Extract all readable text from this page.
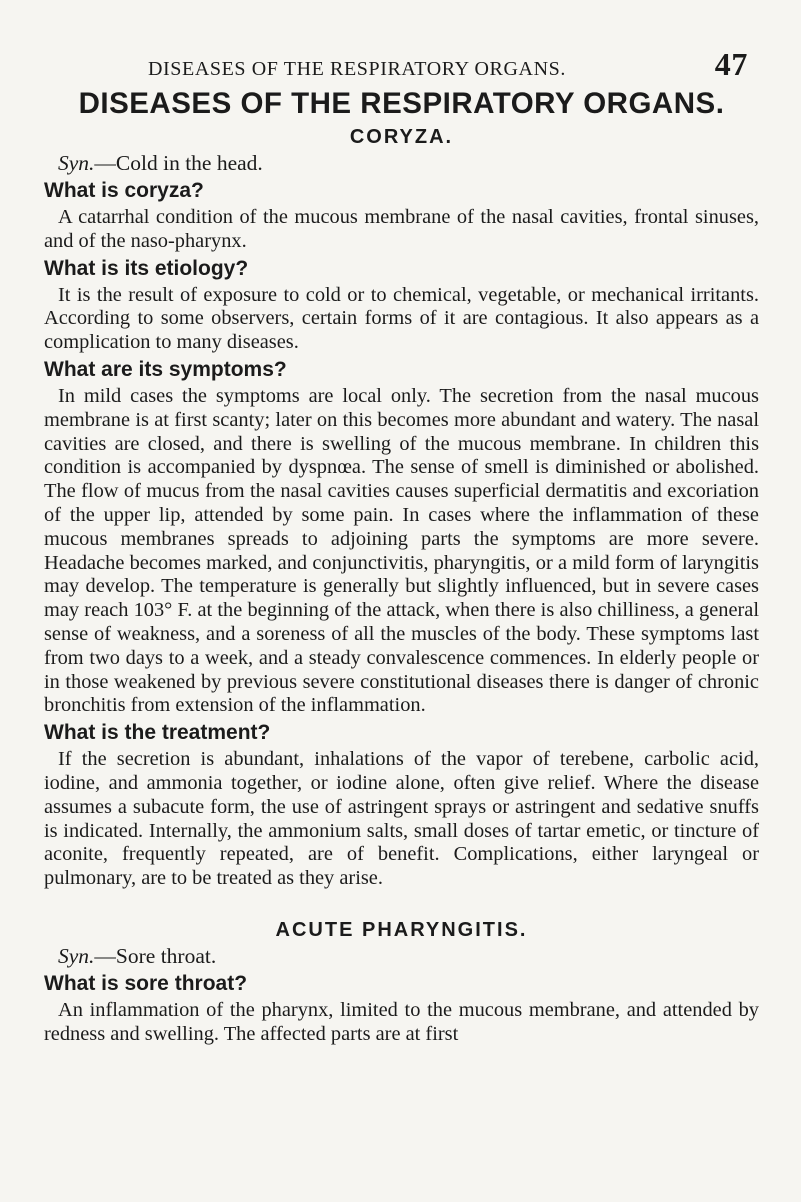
DISEASES OF THE RESPIRATORY ORGANS.	47
DISEASES OF THE RESPIRATORY ORGANS.
CORYZA.

Syn.—Cold in the head.

What is coryza?

A catarrhal condition of the mucous membrane of the nasal cavities, frontal sinuses, and of the naso-pharynx.

What is its etiology?

It is the result of exposure to cold or to chemical, vegetable, or mechanical irritants. According to some observers, certain forms of it are contagious. It also appears as a complication to many diseases.

What are its symptoms?

In mild cases the symptoms are local only. The secretion from the nasal mucous membrane is at first scanty; later on this becomes more abundant and watery. The nasal cavities are closed, and there is swelling of the mucous membrane. In children this condition is accompanied by dyspnœa. The sense of smell is diminished or abolished. The flow of mucus from the nasal cavities causes superficial dermatitis and excoriation of the upper lip, attended by some pain. In cases where the inflammation of these mucous membranes spreads to adjoining parts the symptoms are more severe. Headache becomes marked, and conjunctivitis, pharyngitis, or a mild form of laryngitis may develop. The temperature is generally but slightly influenced, but in severe cases may reach 103° F. at the beginning of the attack, when there is also chilliness, a general sense of weakness, and a soreness of all the muscles of the body. These symptoms last from two days to a week, and a steady convalescence commences. In elderly people or in those weakened by previous severe constitutional diseases there is danger of chronic bronchitis from extension of the inflammation.

What is the treatment?

If the secretion is abundant, inhalations of the vapor of terebene, carbolic acid, iodine, and ammonia together, or iodine alone, often give relief. Where the disease assumes a subacute form, the use of astringent sprays or astringent and sedative snuffs is indicated. Internally, the ammonium salts, small doses of tartar emetic, or tincture of aconite, frequently repeated, are of benefit. Complications, either laryngeal or pulmonary, are to be treated as they arise.

ACUTE PHARYNGITIS.

Syn.—Sore throat.

What is sore throat?

An inflammation of the pharynx, limited to the mucous membrane, and attended by redness and swelling. The affected parts are at first
